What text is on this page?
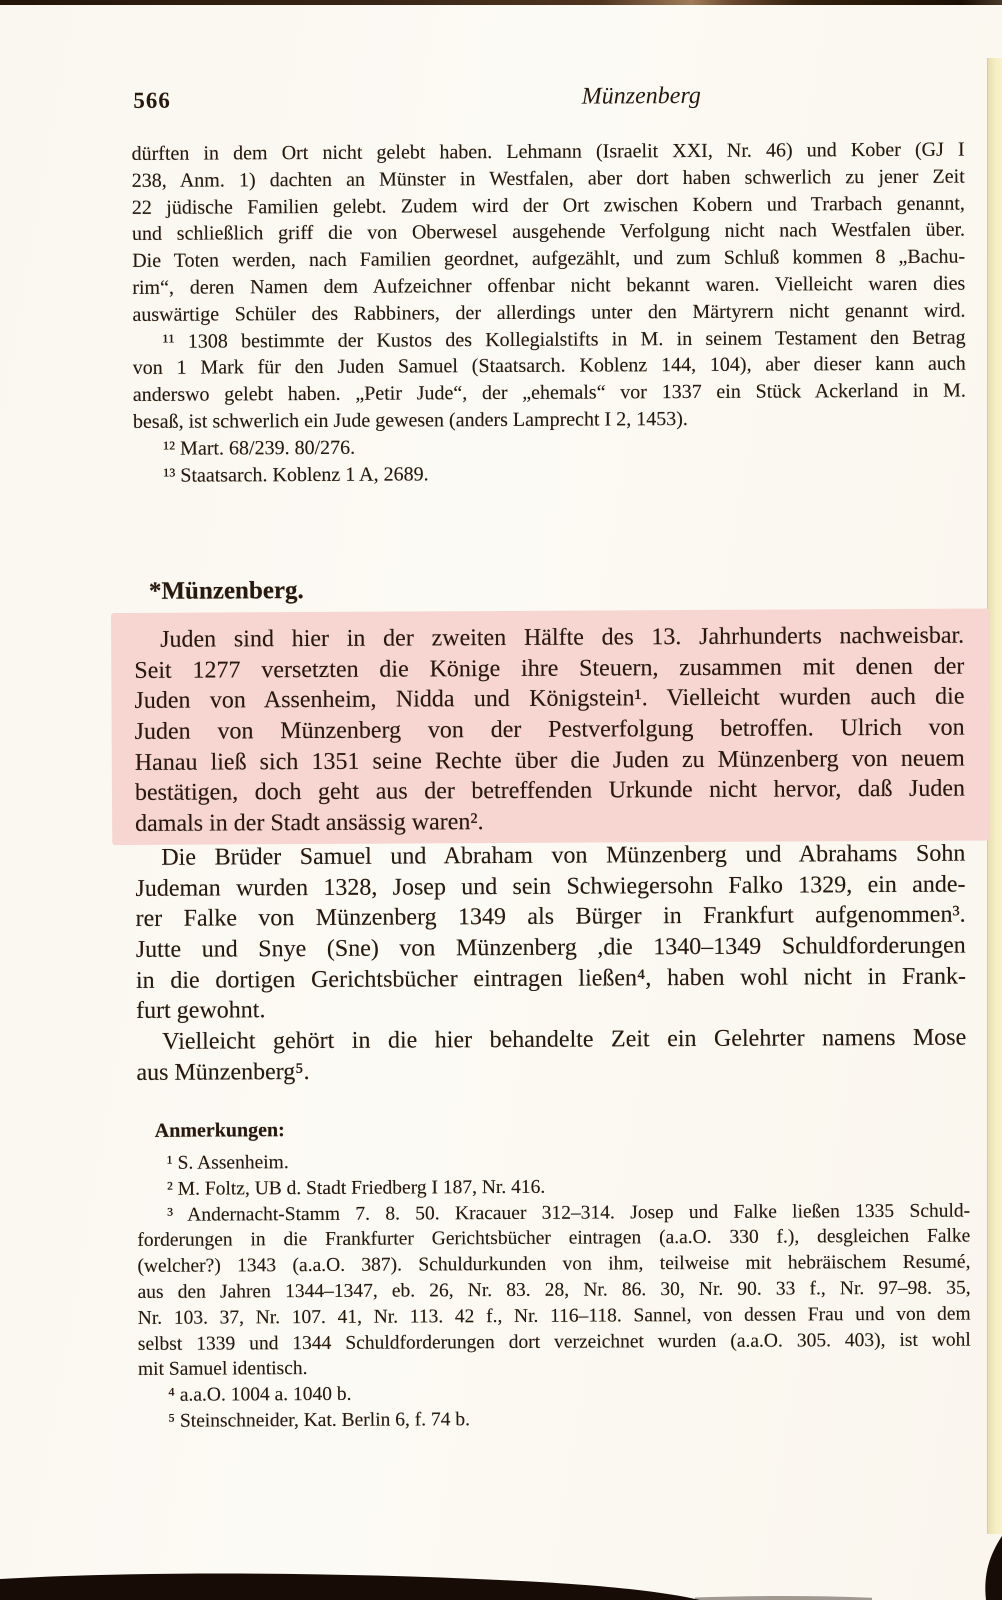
566	Münzenberg
dürften in dem Ort nicht gelebt haben. Lehmann (Israelit XXI, Nr. 46) und Kober (GJ I
238, Anm. 1) dachten an Münster in Westfalen, aber dort haben schwerlich zu jener Zeit
22 jüdische Familien gelebt. Zudem wird der Ort zwischen Kobern und Trarbach genannt,
und schließlich griff die von Oberwesel ausgehende Verfolgung nicht nach Westfalen über.
Die Toten werden, nach Familien geordnet, aufgezählt, und zum Schluß kommen 8 „Bachu-
rim“, deren Namen dem Aufzeichner offenbar nicht bekannt waren. Vielleicht waren dies
auswärtige Schüler des Rabbiners, der allerdings unter den Märtyrern nicht genannt wird.
¹¹ 1308 bestimmte der Kustos des Kollegialstifts in M. in seinem Testament den Betrag
von 1 Mark für den Juden Samuel (Staatsarch. Koblenz 144, 104), aber dieser kann auch
anderswo gelebt haben. „Petir Jude“, der „ehemals“ vor 1337 ein Stück Ackerland in M.
besaß, ist schwerlich ein Jude gewesen (anders Lamprecht I 2, 1453).
¹² Mart. 68/239. 80/276.
¹³ Staatsarch. Koblenz 1 A, 2689.
*Münzenberg.
Juden sind hier in der zweiten Hälfte des 13. Jahrhunderts nachweisbar.
Seit 1277 versetzten die Könige ihre Steuern, zusammen mit denen der
Juden von Assenheim, Nidda und Königstein¹. Vielleicht wurden auch die
Juden von Münzenberg von der Pestverfolgung betroffen. Ulrich von
Hanau ließ sich 1351 seine Rechte über die Juden zu Münzenberg von neuem
bestätigen, doch geht aus der betreffenden Urkunde nicht hervor, daß Juden
damals in der Stadt ansässig waren².
Die Brüder Samuel und Abraham von Münzenberg und Abrahams Sohn
Judeman wurden 1328, Josep und sein Schwiegersohn Falko 1329, ein ande-
rer Falke von Münzenberg 1349 als Bürger in Frankfurt aufgenommen³.
Jutte und Snye (Sne) von Münzenberg ,die 1340–1349 Schuldforderungen
in die dortigen Gerichtsbücher eintragen ließen⁴, haben wohl nicht in Frank-
furt gewohnt.
Vielleicht gehört in die hier behandelte Zeit ein Gelehrter namens Mose
aus Münzenberg⁵.
Anmerkungen:
¹ S. Assenheim.
² M. Foltz, UB d. Stadt Friedberg I 187, Nr. 416.
³ Andernacht-Stamm 7. 8. 50. Kracauer 312–314. Josep und Falke ließen 1335 Schuld-
forderungen in die Frankfurter Gerichtsbücher eintragen (a.a.O. 330 f.), desgleichen Falke
(welcher?) 1343 (a.a.O. 387). Schuldurkunden von ihm, teilweise mit hebräischem Resumé,
aus den Jahren 1344–1347, eb. 26, Nr. 83. 28, Nr. 86. 30, Nr. 90. 33 f., Nr. 97–98. 35,
Nr. 103. 37, Nr. 107. 41, Nr. 113. 42 f., Nr. 116–118. Sannel, von dessen Frau und von dem
selbst 1339 und 1344 Schuldforderungen dort verzeichnet wurden (a.a.O. 305. 403), ist wohl
mit Samuel identisch.
⁴ a.a.O. 1004 a. 1040 b.
⁵ Steinschneider, Kat. Berlin 6, f. 74 b.
